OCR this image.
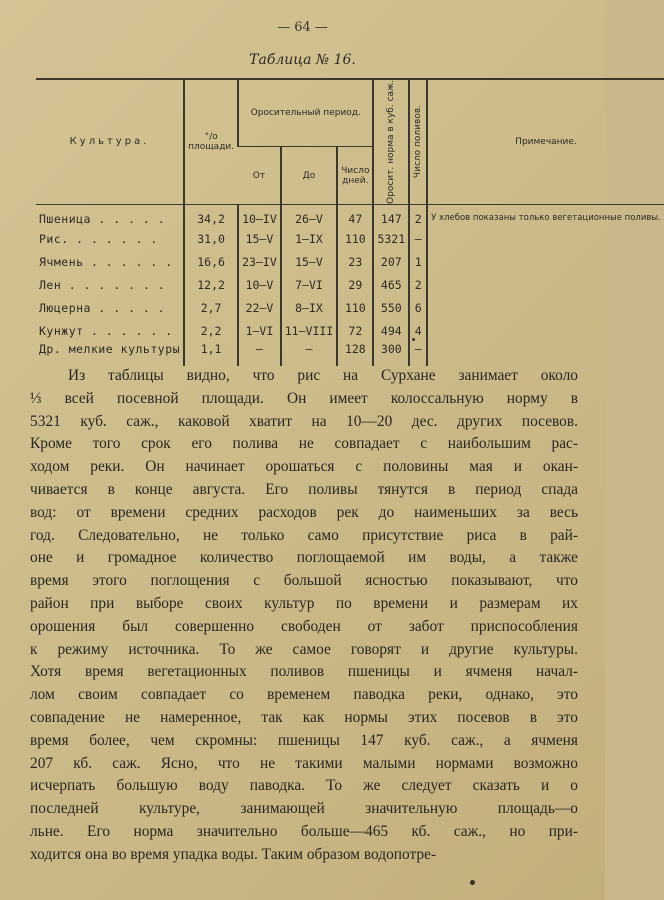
— 64 —
Таблица № 16.
Культура.	°/о площади.	Оросительный период.			Оросит. норма в куб. саж.	Число поливов.	Примечание.
		От	До	Число дней.			
Пшеница . . . . .	34,2	10—IV	26—V	47	147	2	У хлебов показаны только вегетационные поливы.
Рис. . . . . . .	31,0	15—V	1—IX	110	5321	—	
Ячмень . . . . . .	16,6	23—IV	15—V	23	207	1	
Лен . . . . . . .	12,2	10—V	7—VI	29	465	2	
Люцерна . . . . .	2,7	22—V	8—IX	110	550	6	
Кунжут . . . . . .	2,2	1—VI	11—VIII	72	494	4	
Др. мелкие культуры	1,1	—	—	128	300	—	
Из таблицы видно, что рис на Сурхане занимает около
⅓ всей посевной площади. Он имеет колоссальную норму в
5321 куб. саж., каковой хватит на 10—20 дес. других посевов.
Кроме того срок его полива не совпадает с наибольшим рас-
ходом реки. Он начинает орошаться с половины мая и окан-
чивается в конце августа. Его поливы тянутся в период спада
вод: от времени средних расходов рек до наименьших за весь
год. Следовательно, не только само присутствие риса в рай-
оне и громадное количество поглощаемой им воды, а также
время этого поглощения с большой ясностью показывают, что
район при выборе своих культур по времени и размерам их
орошения был совершенно свободен от забот приспособления
к режиму источника. То же самое говорят и другие культуры.
Хотя время вегетационных поливов пшеницы и ячменя начал-
лом своим совпадает со временем паводка реки, однако, это
совпадение не намеренное, так как нормы этих посевов в это
время более, чем скромны: пшеницы 147 куб. саж., а ячменя
207 кб. саж. Ясно, что не такими малыми нормами возможно
исчерпать большую воду паводка. То же следует сказать и о
последней культуре, занимающей значительную площадь—о
льне. Его норма значительно больше—465 кб. саж., но при-
ходится она во время упадка воды. Таким образом водопотре-
